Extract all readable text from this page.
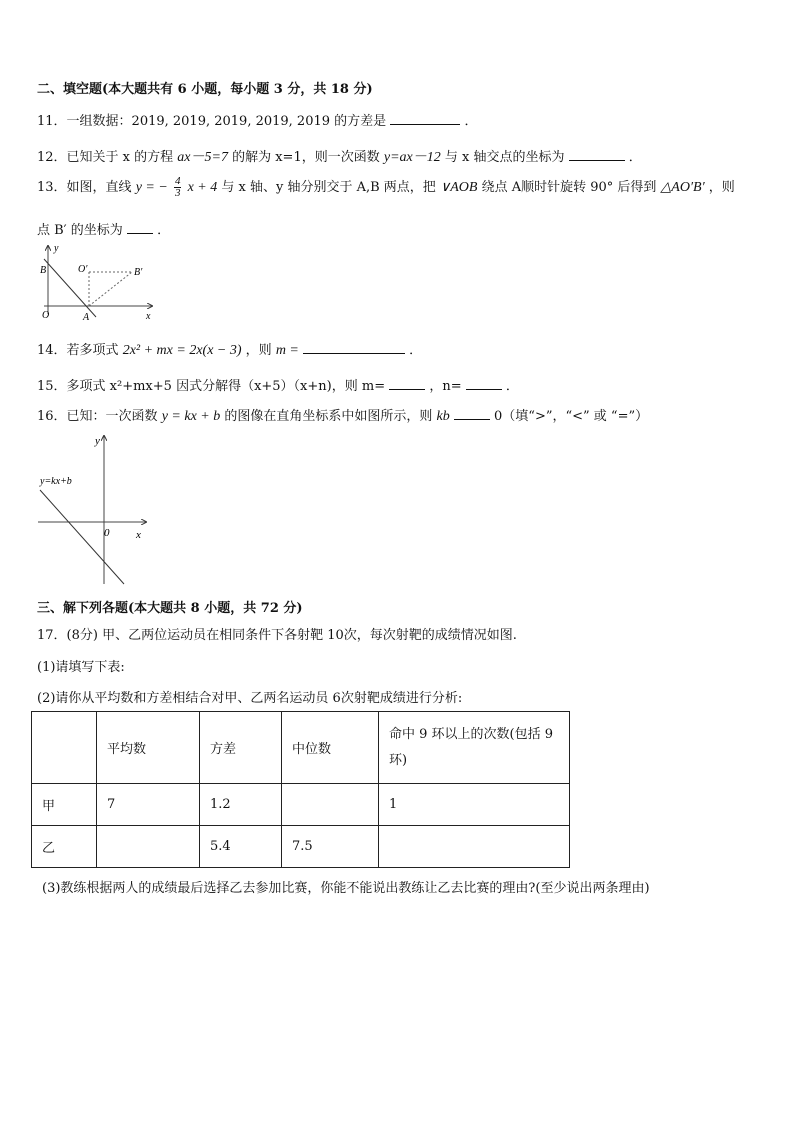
二、填空题(本大题共有 6 小题，每小题 3 分，共 18 分)
11．一组数据：2019, 2019, 2019, 2019, 2019 的方差是	．
12．已知关于 x 的方程 ax－5=7 的解为 x=1，则一次函数 y=ax－12 与 x 轴交点的坐标为	．
13．如图，直线 y = − $\frac{4}{3}$ x + 4 与 x 轴、y 轴分别交于 A,B 两点，把 ∨AOB 绕点 A顺时针旋转 90° 后得到 △AO′B′ ，则
点 B′ 的坐标为	．
y
x
B
O	A
O′	B′
14．若多项式 2x² + mx = 2x(x − 3) ，则 m =	．
15．多项式 x²+mx+5 因式分解得（x+5）（x+n)，则 m=	，n=	．
16．已知：一次函数 y = kx + b 的图像在直角坐标系中如图所示，则 kb	0（填“>”，“<” 或 “=”）
y
x
0
y=kx+b
三、解下列各题(本大题共 8 小题，共 72 分)
17．(8分) 甲、乙两位运动员在相同条件下各射靶 10次，每次射靶的成绩情况如图.
(1)请填写下表:
(2)请你从平均数和方差相结合对甲、乙两名运动员 6次射靶成绩进行分析:
	平均数	方差	中位数	命中 9 环以上的次数(包括 9 环)
甲	7	1.2		1
乙		5.4	7.5	
(3)教练根据两人的成绩最后选择乙去参加比赛，你能不能说出教练让乙去比赛的理由?(至少说出两条理由)
